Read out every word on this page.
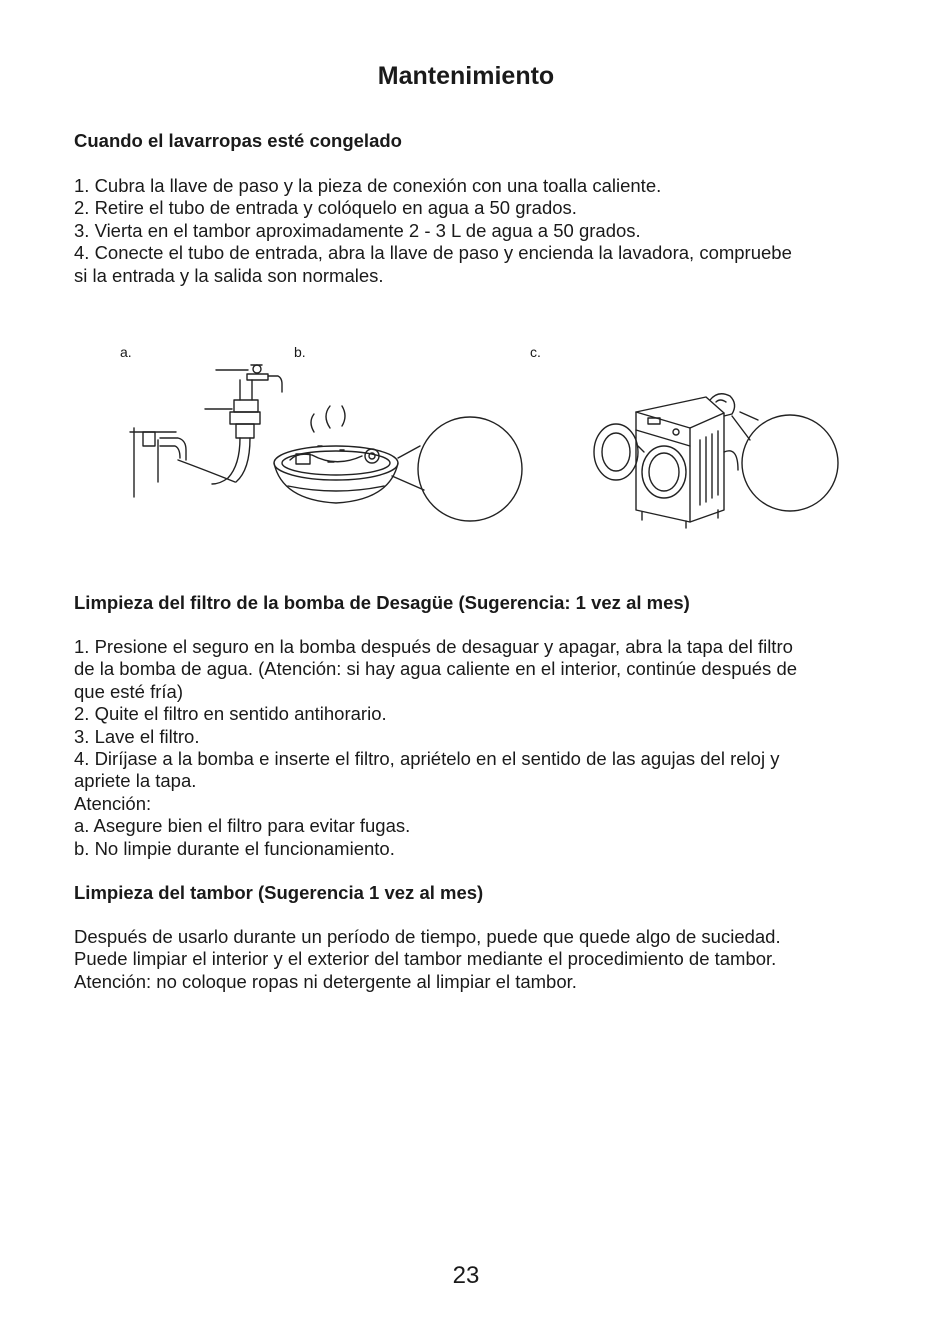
Mantenimiento
Cuando el lavarropas esté congelado

1. Cubra la llave de paso y la pieza de conexión con una toalla caliente.

2. Retire el tubo de entrada y colóquelo en agua a 50 grados.

3. Vierta en el tambor aproximadamente 2 - 3 L de agua a 50 grados.

4. Conecte el tubo de entrada, abra la llave de paso y encienda la lavadora, compruebe

si la entrada y la salida son normales.

a.	b.	c.
Limpieza del filtro de la bomba de Desagüe (Sugerencia: 1 vez al mes)

1. Presione el seguro en la bomba después de desaguar y apagar, abra la tapa del filtro

de la bomba de agua. (Atención: si hay agua caliente en el interior, continúe después de

que esté fría)

2. Quite el filtro en sentido antihorario.

3. Lave el filtro.

4. Diríjase a la bomba e inserte el filtro, apriételo en el sentido de las agujas del reloj y

apriete la tapa.

Atención:

a. Asegure bien el filtro para evitar fugas.

b. No limpie durante el funcionamiento.

Limpieza del tambor (Sugerencia 1 vez al mes)

Después de usarlo durante un período de tiempo, puede que quede algo de suciedad.

Puede limpiar el interior y el exterior del tambor mediante el procedimiento de tambor.

Atención: no coloque ropas ni detergente al limpiar el tambor.

23
